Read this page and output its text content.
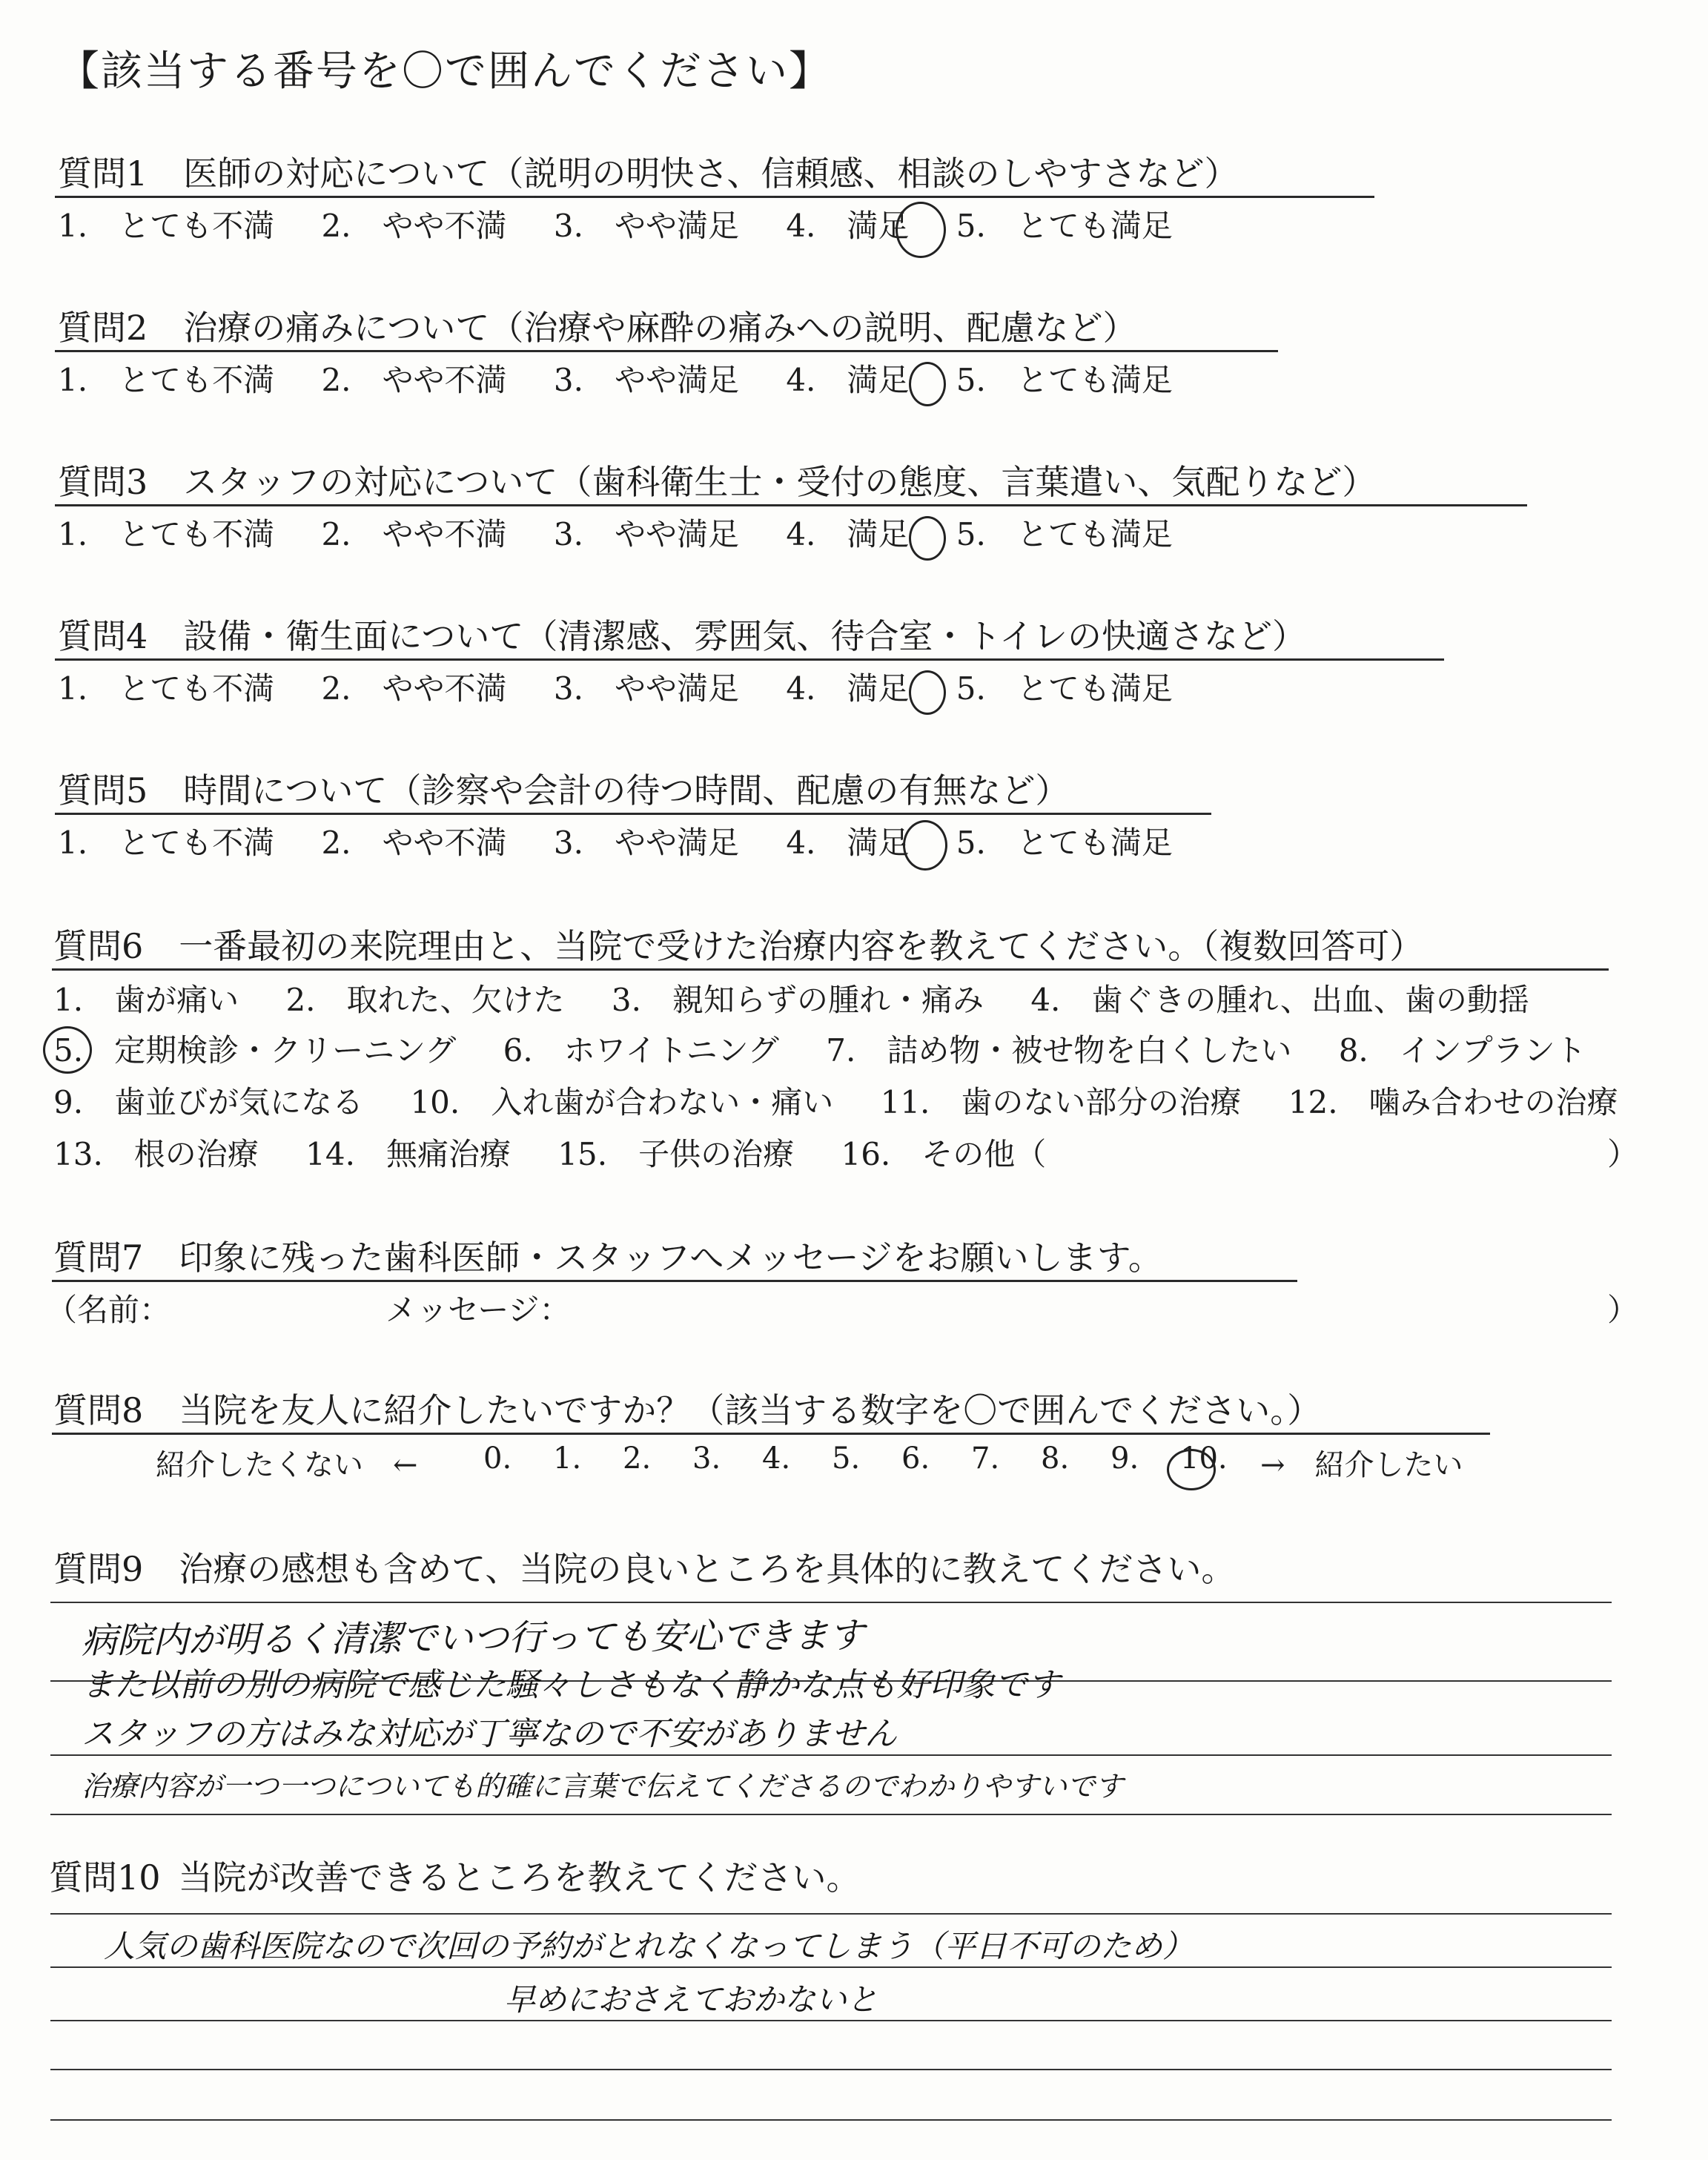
【該当する番号を〇で囲んでください】
質問1 医師の対応について（説明の明快さ、信頼感、相談のしやすさなど）
1.　とても不満 2.　やや不満 3.　やや満足 4.　満足 5.　とても満足
質問2 治療の痛みについて（治療や麻酔の痛みへの説明、配慮など）
1.　とても不満 2.　やや不満 3.　やや満足 4.　満足 5.　とても満足
質問3 スタッフの対応について（歯科衛生士・受付の態度、言葉遣い、気配りなど）
1.　とても不満 2.　やや不満 3.　やや満足 4.　満足 5.　とても満足
質問4 設備・衛生面について（清潔感、雰囲気、待合室・トイレの快適さなど）
1.　とても不満 2.　やや不満 3.　やや満足 4.　満足 5.　とても満足
質問5 時間について（診察や会計の待つ時間、配慮の有無など）
1.　とても不満 2.　やや不満 3.　やや満足 4.　満足 5.　とても満足
質問6 一番最初の来院理由と、当院で受けた治療内容を教えてください。（複数回答可）
1.　歯が痛い 2.　取れた、欠けた 3.　親知らずの腫れ・痛み 4.　歯ぐきの腫れ、出血、歯の動揺
5.　定期検診・クリーニング 6.　ホワイトニング 7.　詰め物・被せ物を白くしたい 8.　インプラント
9.　歯並びが気になる 10.　入れ歯が合わない・痛い 11.　歯のない部分の治療 12.　噛み合わせの治療
13.　根の治療 14.　無痛治療 15.　子供の治療 16.　その他（	）
質問7 印象に残った歯科医師・スタッフへメッセージをお願いします。
（名前：	メッセージ：	）
質問8 当院を友人に紹介したいですか？（該当する数字を〇で囲んでください。）
紹介したくない　← 0. 1. 2. 3. 4. 5. 6. 7. 8. 9. 10.	→　紹介したい
質問9 治療の感想も含めて、当院の良いところを具体的に教えてください。
病院内が明るく清潔でいつ行っても安心できます
また以前の別の病院で感じた騒々しさもなく静かな点も好印象です
スタッフの方はみな対応が丁寧なので不安がありません
治療内容が一つ一つについても的確に言葉で伝えてくださるのでわかりやすいです
質問10 当院が改善できるところを教えてください。
人気の歯科医院なので次回の予約がとれなくなってしまう（平日不可のため）
早めにおさえておかないと
